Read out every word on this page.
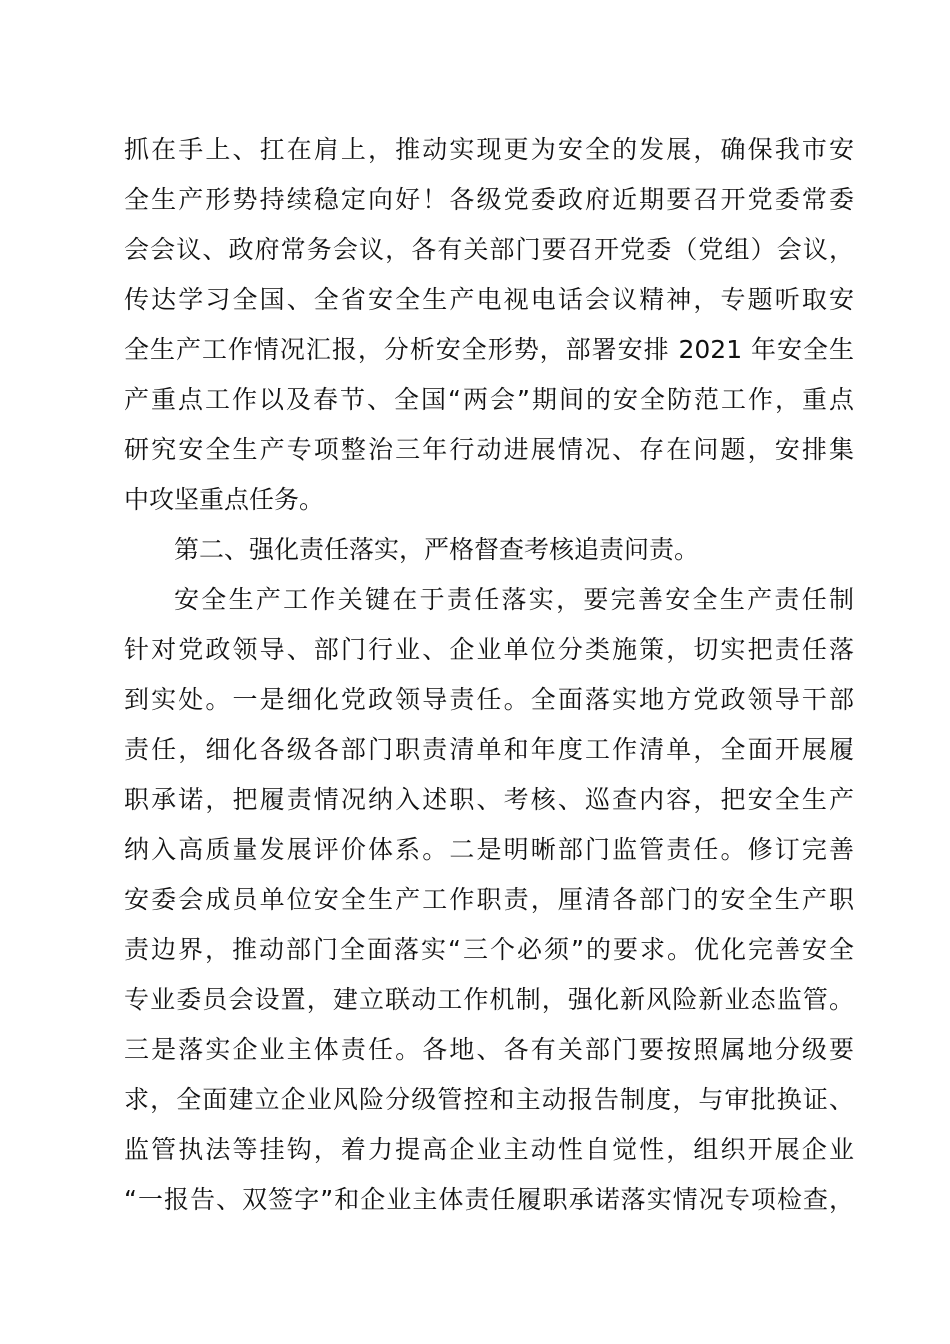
抓在手上、扛在肩上，推动实现更为安全的发展，确保我市安
全生产形势持续稳定向好！各级党委政府近期要召开党委常委
会会议、政府常务会议，各有关部门要召开党委（党组）会议，
传达学习全国、全省安全生产电视电话会议精神，专题听取安
全生产工作情况汇报，分析安全形势，部署安排 2021 年安全生
产重点工作以及春节、全国“两会”期间的安全防范工作，重点
研究安全生产专项整治三年行动进展情况、存在问题，安排集
中攻坚重点任务。
第二、强化责任落实，严格督查考核追责问责。
安全生产工作关键在于责任落实，要完善安全生产责任制
针对党政领导、部门行业、企业单位分类施策，切实把责任落
到实处。一是细化党政领导责任。全面落实地方党政领导干部
责任，细化各级各部门职责清单和年度工作清单，全面开展履
职承诺，把履责情况纳入述职、考核、巡查内容，把安全生产
纳入高质量发展评价体系。二是明晰部门监管责任。修订完善
安委会成员单位安全生产工作职责，厘清各部门的安全生产职
责边界，推动部门全面落实“三个必须”的要求。优化完善安全
专业委员会设置，建立联动工作机制，强化新风险新业态监管。
三是落实企业主体责任。各地、各有关部门要按照属地分级要
求，全面建立企业风险分级管控和主动报告制度，与审批换证、
监管执法等挂钩，着力提高企业主动性自觉性，组织开展企业
“一报告、双签字”和企业主体责任履职承诺落实情况专项检查，
